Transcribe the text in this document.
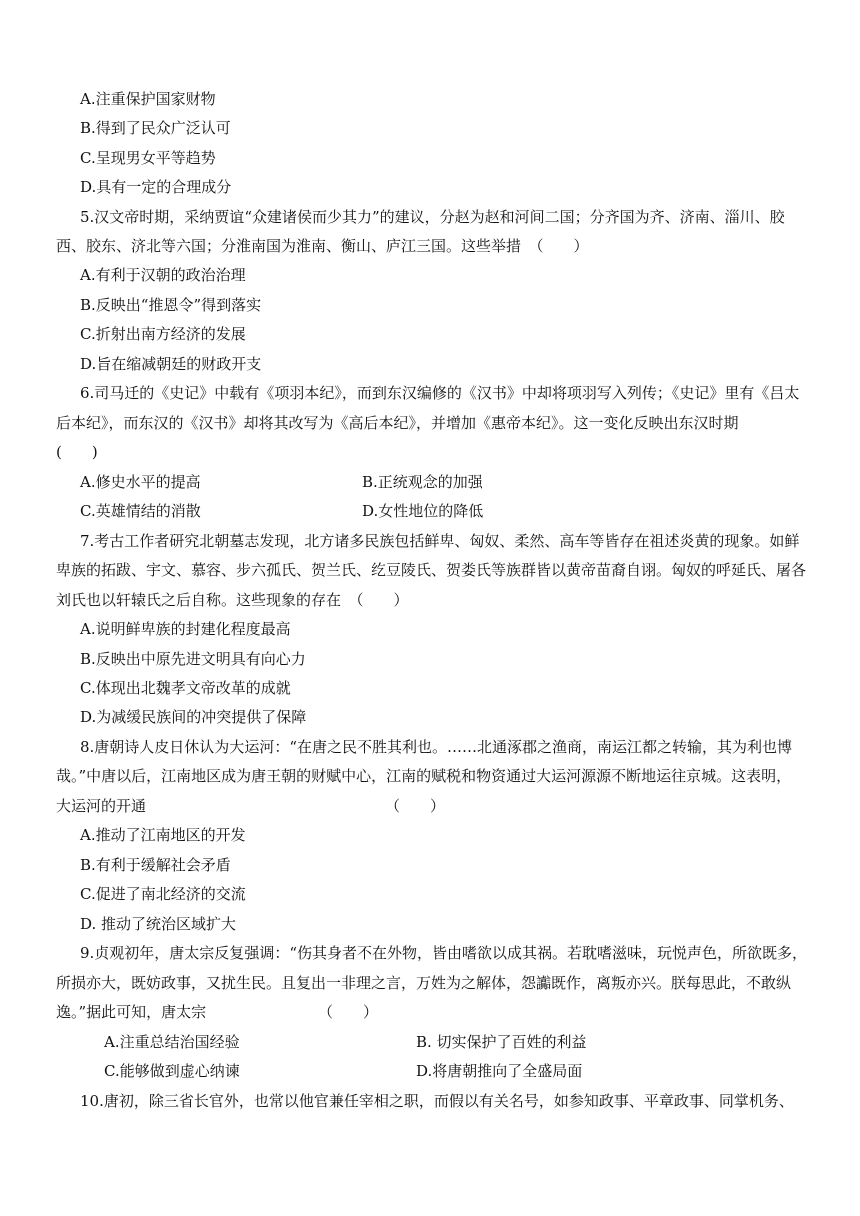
A.注重保护国家财物
B.得到了民众广泛认可
C.呈现男女平等趋势
D.具有一定的合理成分
5.汉文帝时期，采纳贾谊“众建诸侯而少其力”的建议，分赵为赵和河间二国；分齐国为齐、济南、淄川、胶
西、胶东、济北等六国；分淮南国为淮南、衡山、庐江三国。这些举措　（　　）
A.有利于汉朝的政治治理
B.反映出“推恩令”得到落实
C.折射出南方经济的发展
D.旨在缩减朝廷的财政开支
6.司马迁的《史记》中载有《项羽本纪》，而到东汉编修的《汉书》中却将项羽写入列传；《史记》里有《吕太
后本纪》，而东汉的《汉书》却将其改写为《高后本纪》，并增加《惠帝本纪》。这一变化反映出东汉时期
(　　)
A.修史水平的提高	B.正统观念的加强
C.英雄情结的消散	D.女性地位的降低
7.考古工作者研究北朝墓志发现，北方诸多民族包括鲜卑、匈奴、柔然、高车等皆存在祖述炎黄的现象。如鲜
卑族的拓跋、宇文、慕容、步六孤氏、贺兰氏、纥豆陵氏、贺娄氏等族群皆以黄帝苗裔自诩。匈奴的呼延氏、屠各
刘氏也以轩辕氏之后自称。这些现象的存在　（　　）
A.说明鲜卑族的封建化程度最高
B.反映出中原先进文明具有向心力
C.体现出北魏孝文帝改革的成就
D.为减缓民族间的冲突提供了保障
8.唐朝诗人皮日休认为大运河：“在唐之民不胜其利也。……北通涿郡之渔商，南运江都之转输，其为利也博
哉。”中唐以后，江南地区成为唐王朝的财赋中心，江南的赋税和物资通过大运河源源不断地运往京城。这表明，
大运河的开通	（　　）
A.推动了江南地区的开发
B.有利于缓解社会矛盾
C.促进了南北经济的交流
D. 推动了统治区域扩大
9.贞观初年，唐太宗反复强调：“伤其身者不在外物，皆由嗜欲以成其祸。若耽嗜滋味，玩悦声色，所欲既多，
所损亦大，既妨政事，又扰生民。且复出一非理之言，万姓为之解体，怨讟既作，离叛亦兴。朕每思此，不敢纵
逸。”据此可知，唐太宗	（　　）
A.注重总结治国经验	B. 切实保护了百姓的利益
C.能够做到虚心纳谏	D.将唐朝推向了全盛局面
10.唐初，除三省长官外，也常以他官兼任宰相之职，而假以有关名号，如参知政事、平章政事、同掌机务、
